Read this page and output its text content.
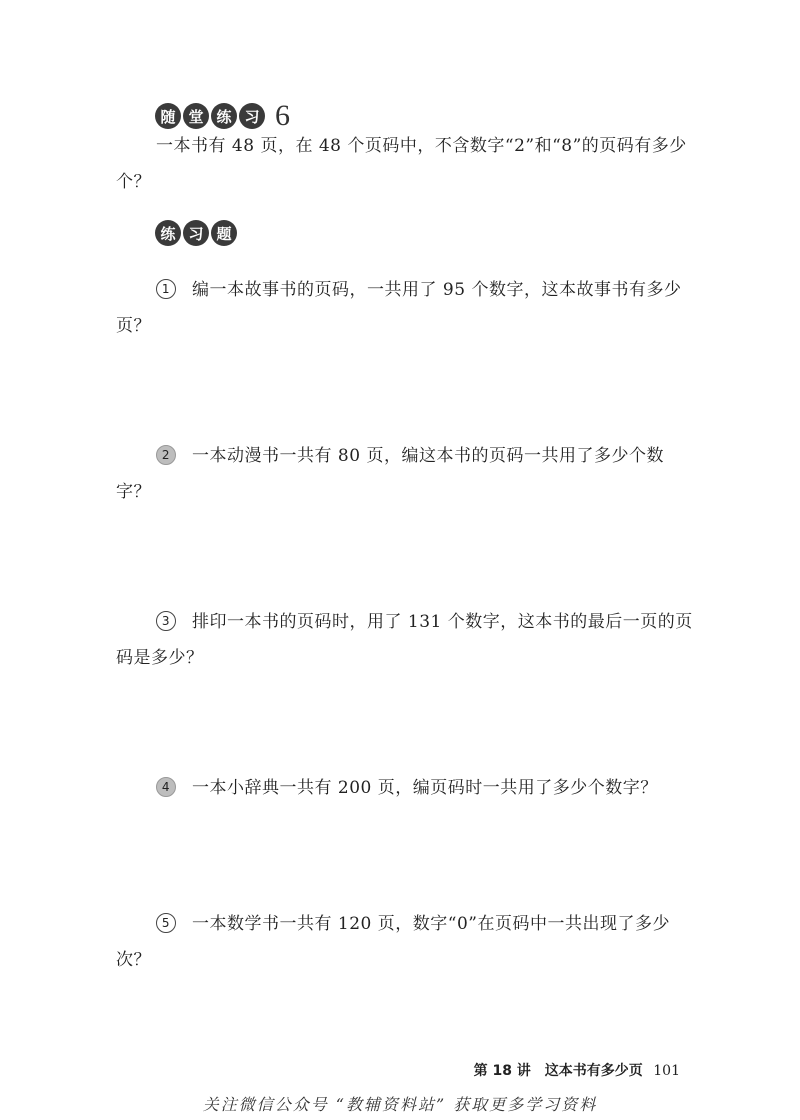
随 堂 练 习 6

一本书有 48 页，在 48 个页码中，不含数字“2”和“8”的页码有多少个？

练 习 题

1 编一本故事书的页码，一共用了 95 个数字，这本故事书有多少页？

2 一本动漫书一共有 80 页，编这本书的页码一共用了多少个数字？

3 排印一本书的页码时，用了 131 个数字，这本书的最后一页的页码是多少？

4 一本小辞典一共有 200 页，编页码时一共用了多少个数字？

5 一本数学书一共有 120 页，数字“0”在页码中一共出现了多少次？

第 18 讲　这本书有多少页 101
关注微信公众号 “教辅资料站” 获取更多学习资料
